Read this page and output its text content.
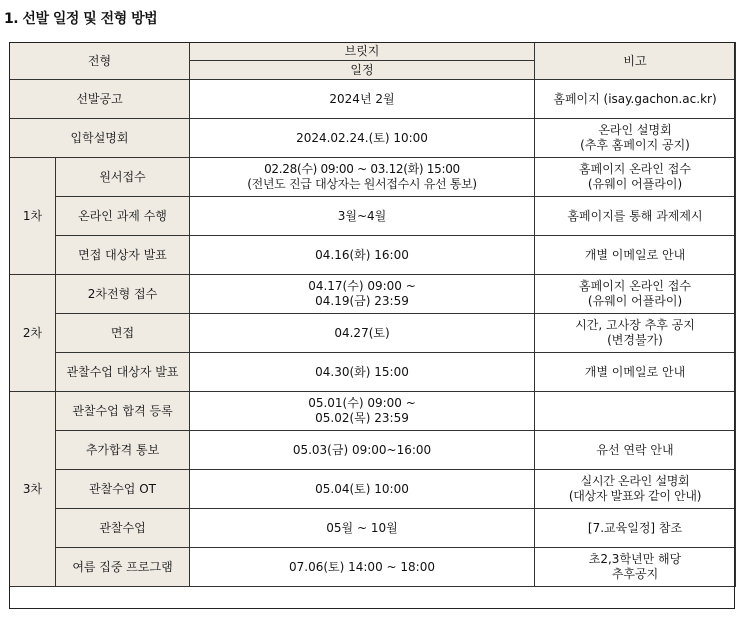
1. 선발 일정 및 전형 방법
전형		브릿지	비고
		일정	
선발공고		2024년 2월	홈페이지 (isay.gachon.ac.kr)
입학설명회		2024.02.24.(토) 10:00	온라인 설명회
(추후 홈페이지 공지)
1차	원서접수	02.28(수) 09:00 ~ 03.12(화) 15:00
(전년도 진급 대상자는 원서접수시 유선 통보)	홈페이지 온라인 접수
(유웨이 어플라이)
	온라인 과제 수행	3월~4월	홈페이지를 통해 과제제시
	면접 대상자 발표	04.16(화) 16:00	개별 이메일로 안내
2차	2차전형 접수	04.17(수) 09:00 ~
04.19(금) 23:59	홈페이지 온라인 접수
(유웨이 어플라이)
	면접	04.27(토)	시간, 고사장 추후 공지
(변경불가)
	관찰수업 대상자 발표	04.30(화) 15:00	개별 이메일로 안내
3차	관찰수업 합격 등록	05.01(수) 09:00 ~
05.02(목) 23:59	
	추가합격 통보	05.03(금) 09:00~16:00	유선 연락 안내
	관찰수업 OT	05.04(토) 10:00	실시간 온라인 설명회
(대상자 발표와 같이 안내)
	관찰수업	05월 ~ 10월	[7.교육일정] 참조
	여름 집중 프로그램	07.06(토) 14:00 ~ 18:00	초2,3학년만 해당
추후공지
